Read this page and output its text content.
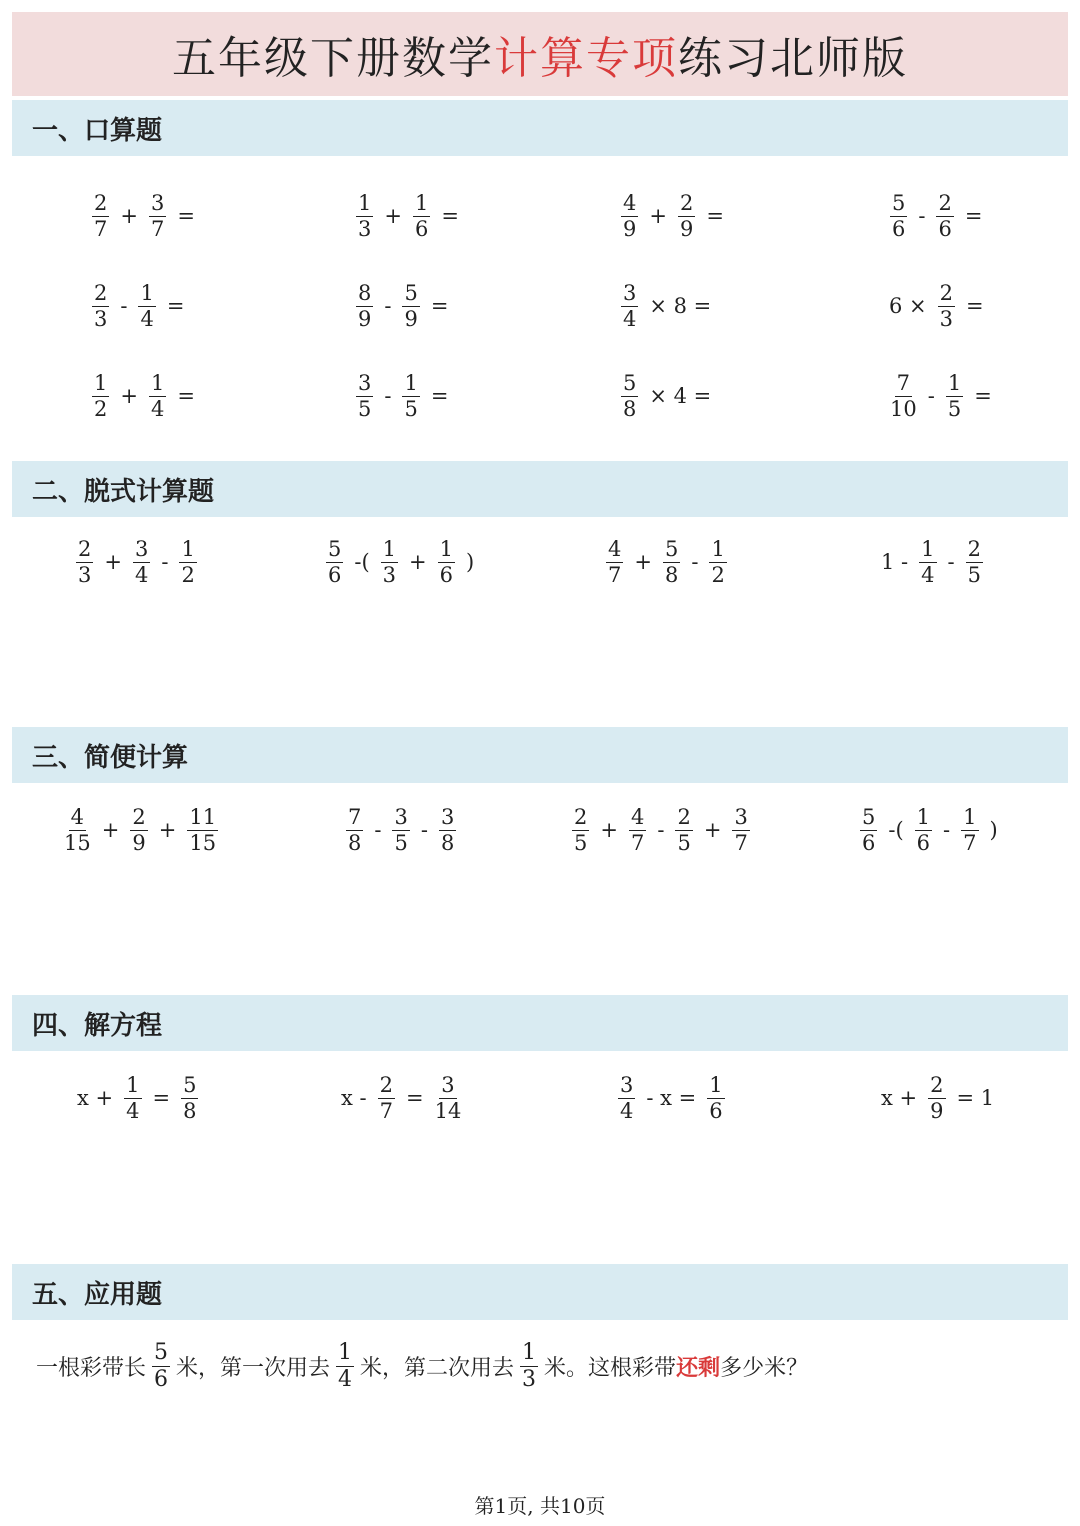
五年级下册数学 计算专项 练习北师版
一、口算题
$\frac{2}{7} + \frac{3}{7}$ =	$\frac{1}{3} + \frac{1}{6}$ =	$\frac{4}{9} + \frac{2}{9}$ =	$\frac{5}{6} - \frac{2}{6}$ =
$\frac{2}{3} - \frac{1}{4}$ =	$\frac{8}{9} - \frac{5}{9}$ =	$\frac{3}{4} \times 8$ =	$6 \times \frac{2}{3}$ =
$\frac{1}{2} + \frac{1}{4}$ =	$\frac{3}{5} - \frac{1}{5}$ =	$\frac{5}{8} \times 4$ =	$\frac{7}{10} - \frac{1}{5}$ =
二、脱式计算题
$\frac{2}{3} + \frac{3}{4} - \frac{1}{2}$	$\frac{5}{6}$ -( $\frac{1}{3} + \frac{1}{6}$ )	$\frac{4}{7} + \frac{5}{8} - \frac{1}{2}$	$1 - \frac{1}{4} - \frac{2}{5}$
三、简便计算
$\frac{4}{15} + \frac{2}{9} + \frac{11}{15}$	$\frac{7}{8} - \frac{3}{5} - \frac{3}{8}$	$\frac{2}{5} + \frac{4}{7} - \frac{2}{5} + \frac{3}{7}$	$\frac{5}{6}$ -( $\frac{1}{6} - \frac{1}{7}$ )
四、解方程
$x + \frac{1}{4} = \frac{5}{8}$	$x - \frac{2}{7} = \frac{3}{14}$	$\frac{3}{4} - x = \frac{1}{6}$	$x + \frac{2}{9} = 1$
五、应用题
一根彩带长 $\frac{5}{6}$ 米，第一次用去 $\frac{1}{4}$ 米，第二次用去 $\frac{1}{3}$ 米。这根彩带 还剩 多少米？
第1页, 共10页
